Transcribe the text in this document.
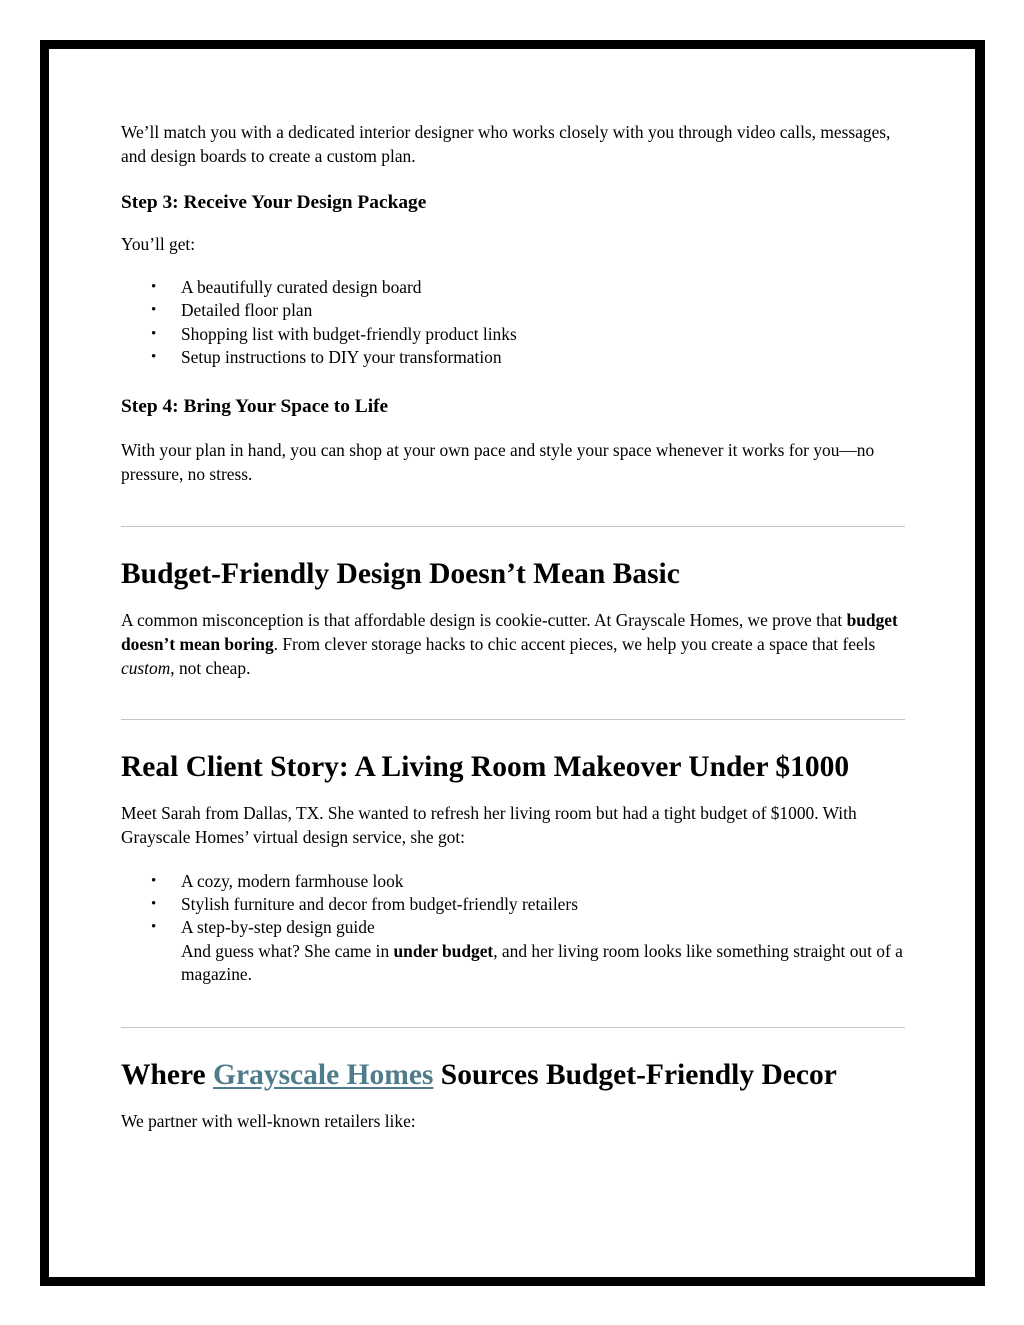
We’ll match you with a dedicated interior designer who works closely with you through video calls, messages, and design boards to create a custom plan.

Step 3: Receive Your Design Package

You’ll get:

• A beautifully curated design board
• Detailed floor plan
• Shopping list with budget-friendly product links
• Setup instructions to DIY your transformation
Step 4: Bring Your Space to Life

With your plan in hand, you can shop at your own pace and style your space whenever it works for you—no pressure, no stress.

Budget-Friendly Design Doesn’t Mean Basic

A common misconception is that affordable design is cookie-cutter. At Grayscale Homes, we prove that budget doesn’t mean boring. From clever storage hacks to chic accent pieces, we help you create a space that feels custom, not cheap.

Real Client Story: A Living Room Makeover Under $1000

Meet Sarah from Dallas, TX. She wanted to refresh her living room but had a tight budget of $1000. With Grayscale Homes’ virtual design service, she got:

• A cozy, modern farmhouse look
• Stylish furniture and decor from budget-friendly retailers
• A step-by-step design guide
And guess what? She came in under budget, and her living room looks like something straight out of a magazine.
Where Grayscale Homes Sources Budget-Friendly Decor

We partner with well-known retailers like:
